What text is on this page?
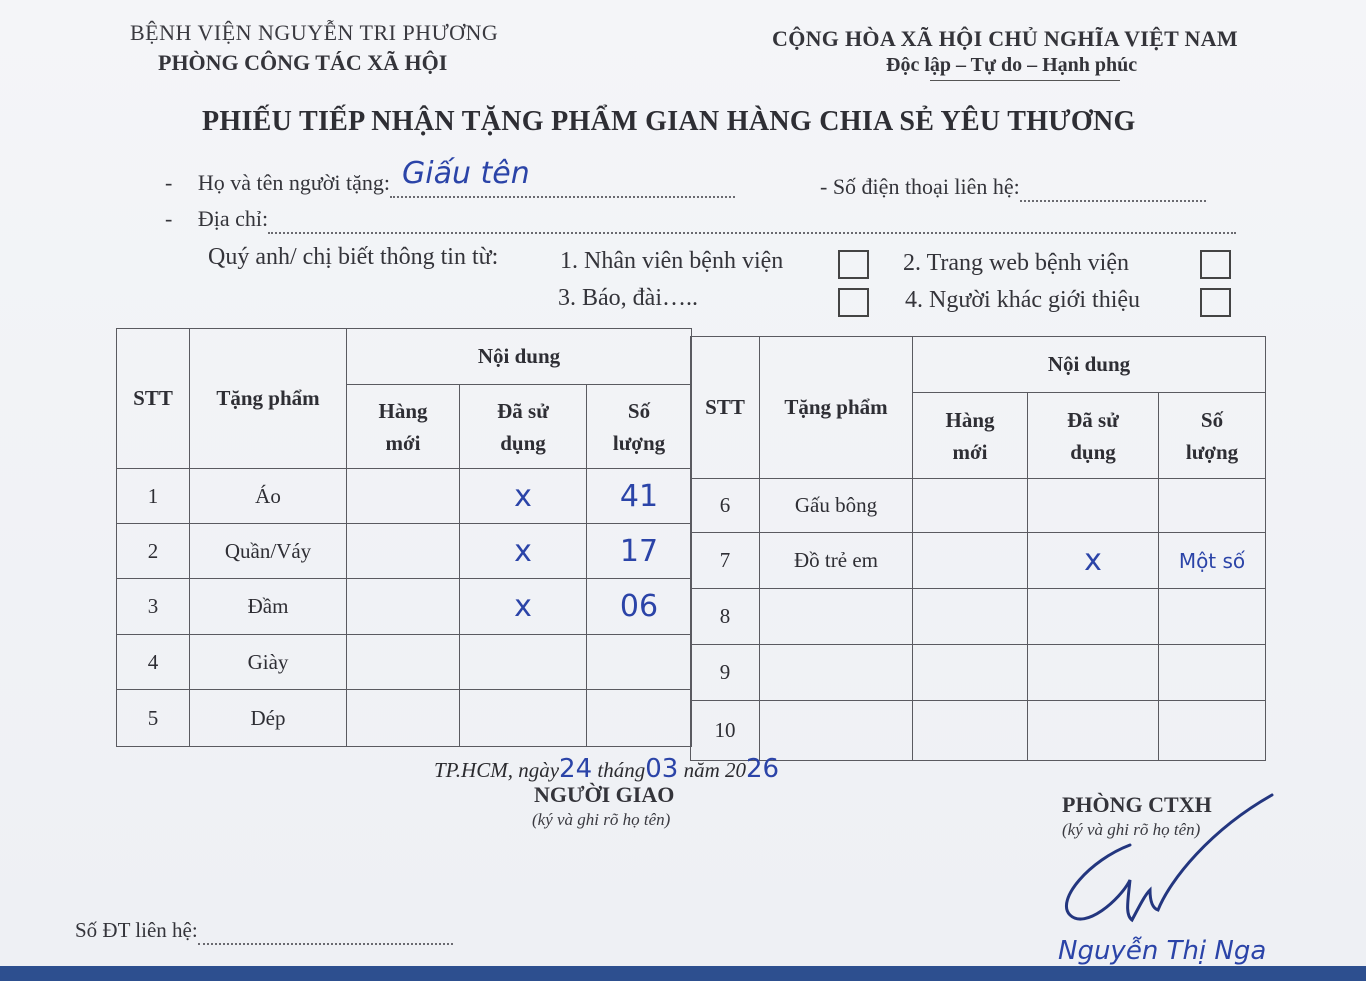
BỆNH VIỆN NGUYỄN TRI PHƯƠNG
PHÒNG CÔNG TÁC XÃ HỘI
CỘNG HÒA XÃ HỘI CHỦ NGHĨA VIỆT NAM
Độc lập – Tự do – Hạnh phúc
PHIẾU TIẾP NHẬN TẶNG PHẨM GIAN HÀNG CHIA SẺ YÊU THƯƠNG
- Họ và tên người tặng: Giấu tên
	- Số điện thoại liên hệ:
- Địa chỉ:
Quý anh/ chị biết thông tin từ:	1. Nhân viên bệnh viện	2. Trang web bệnh viện
3. Báo, đài…..	4. Người khác giới thiệu
STT	Tặng phẩm	Nội dung		
		Hàng mới	Đã sử dụng	Số lượng
1	Áo		x	41
2	Quần/Váy		x	17
3	Đầm		x	06
4	Giày			
5	Dép			
STT	Tặng phẩm	Nội dung		
		Hàng mới	Đã sử dụng	Số lượng
6	Gấu bông			
7	Đồ trẻ em		x	Một số
8				
9				
10				
TP.HCM, ngày24 tháng03 năm 2026
NGƯỜI GIAO
(ký và ghi rõ họ tên)
PHÒNG CTXH
(ký và ghi rõ họ tên)
Nguyễn Thị Nga
Số ĐT liên hệ:
